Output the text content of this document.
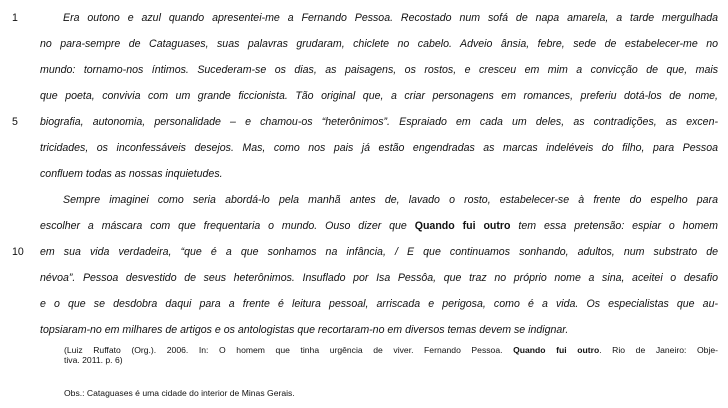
1
5
10
Era outono e azul quando apresentei-me a Fernando Pessoa. Recostado num sofá de napa amarela, a tarde mergulhada
no para-sempre de Cataguases, suas palavras grudaram, chiclete no cabelo. Adveio ânsia, febre, sede de estabelecer-me no
mundo: tornamo-nos íntimos. Sucederam-se os dias, as paisagens, os rostos, e cresceu em mim a convicção de que, mais
que poeta, convivia com um grande ficcionista. Tão original que, a criar personagens em romances, preferiu dotá-los de nome,
biografia, autonomia, personalidade – e chamou-os “heterônimos”. Espraiado em cada um deles, as contradições, as excen-
tricidades, os inconfessáveis desejos. Mas, como nos pais já estão engendradas as marcas indeléveis do filho, para Pessoa
confluem todas as nossas inquietudes.
Sempre imaginei como seria abordá-lo pela manhã antes de, lavado o rosto, estabelecer-se à frente do espelho para
escolher a máscara com que frequentaria o mundo. Ouso dizer que Quando fui outro tem essa pretensão: espiar o homem
em sua vida verdadeira, “que é a que sonhamos na infância, / E que continuamos sonhando, adultos, num substrato de
névoa”. Pessoa desvestido de seus heterônimos. Insuflado por Isa Pessôa, que traz no próprio nome a sina, aceitei o desafio
e o que se desdobra daqui para a frente é leitura pessoal, arriscada e perigosa, como é a vida. Os especialistas que au-
topsiaram-no em milhares de artigos e os antologistas que recortaram-no em diversos temas devem se indignar.
(Luiz Ruffato (Org.). 2006. In: O homem que tinha urgência de viver. Fernando Pessoa. Quando fui outro. Rio de Janeiro: Obje-
tiva. 2011. p. 6)
Obs.: Cataguases é uma cidade do interior de Minas Gerais.
